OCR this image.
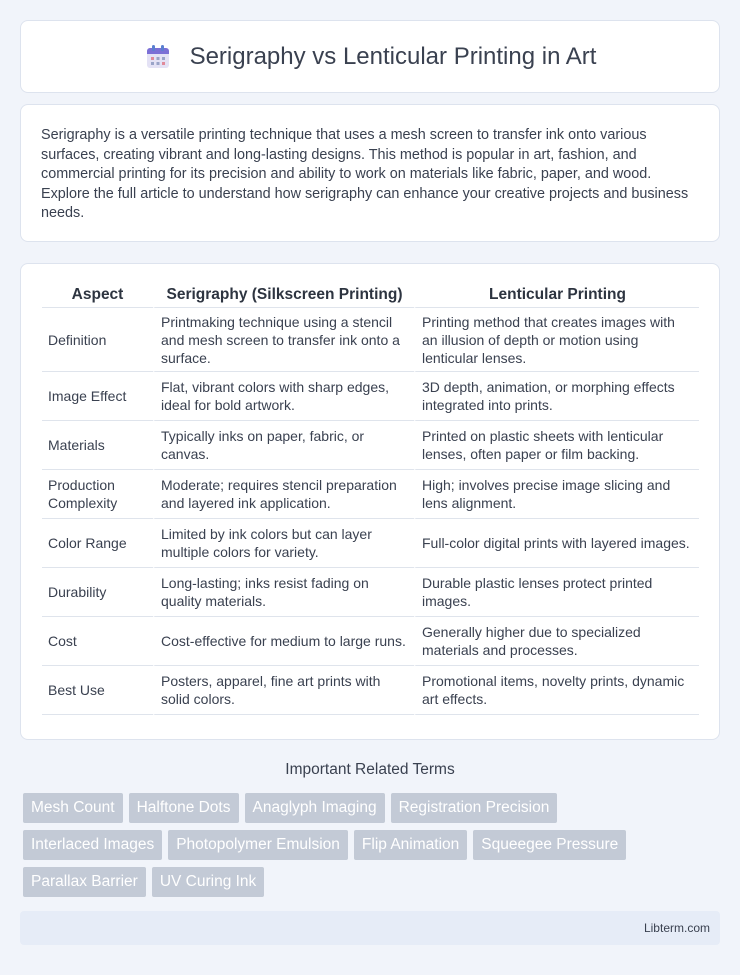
Serigraphy vs Lenticular Printing in Art

Serigraphy is a versatile printing technique that uses a mesh screen to transfer ink onto various surfaces, creating vibrant and long-lasting designs. This method is popular in art, fashion, and commercial printing for its precision and ability to work on materials like fabric, paper, and wood. Explore the full article to understand how serigraphy can enhance your creative projects and business needs.

Aspect	Serigraphy (Silkscreen Printing)	Lenticular Printing
Definition	Printmaking technique using a stencil and mesh screen to transfer ink onto a surface.	Printing method that creates images with an illusion of depth or motion using lenticular lenses.
Image Effect	Flat, vibrant colors with sharp edges, ideal for bold artwork.	3D depth, animation, or morphing effects integrated into prints.
Materials	Typically inks on paper, fabric, or canvas.	Printed on plastic sheets with lenticular lenses, often paper or film backing.
Production Complexity	Moderate; requires stencil preparation and layered ink application.	High; involves precise image slicing and lens alignment.
Color Range	Limited by ink colors but can layer multiple colors for variety.	Full-color digital prints with layered images.
Durability	Long-lasting; inks resist fading on quality materials.	Durable plastic lenses protect printed images.
Cost	Cost-effective for medium to large runs.	Generally higher due to specialized materials and processes.
Best Use	Posters, apparel, fine art prints with solid colors.	Promotional items, novelty prints, dynamic art effects.
Important Related Terms
Mesh Count	Halftone Dots	Anaglyph Imaging	Registration Precision
Interlaced Images	Photopolymer Emulsion	Flip Animation	Squeegee Pressure
Parallax Barrier	UV Curing Ink
Libterm.com
